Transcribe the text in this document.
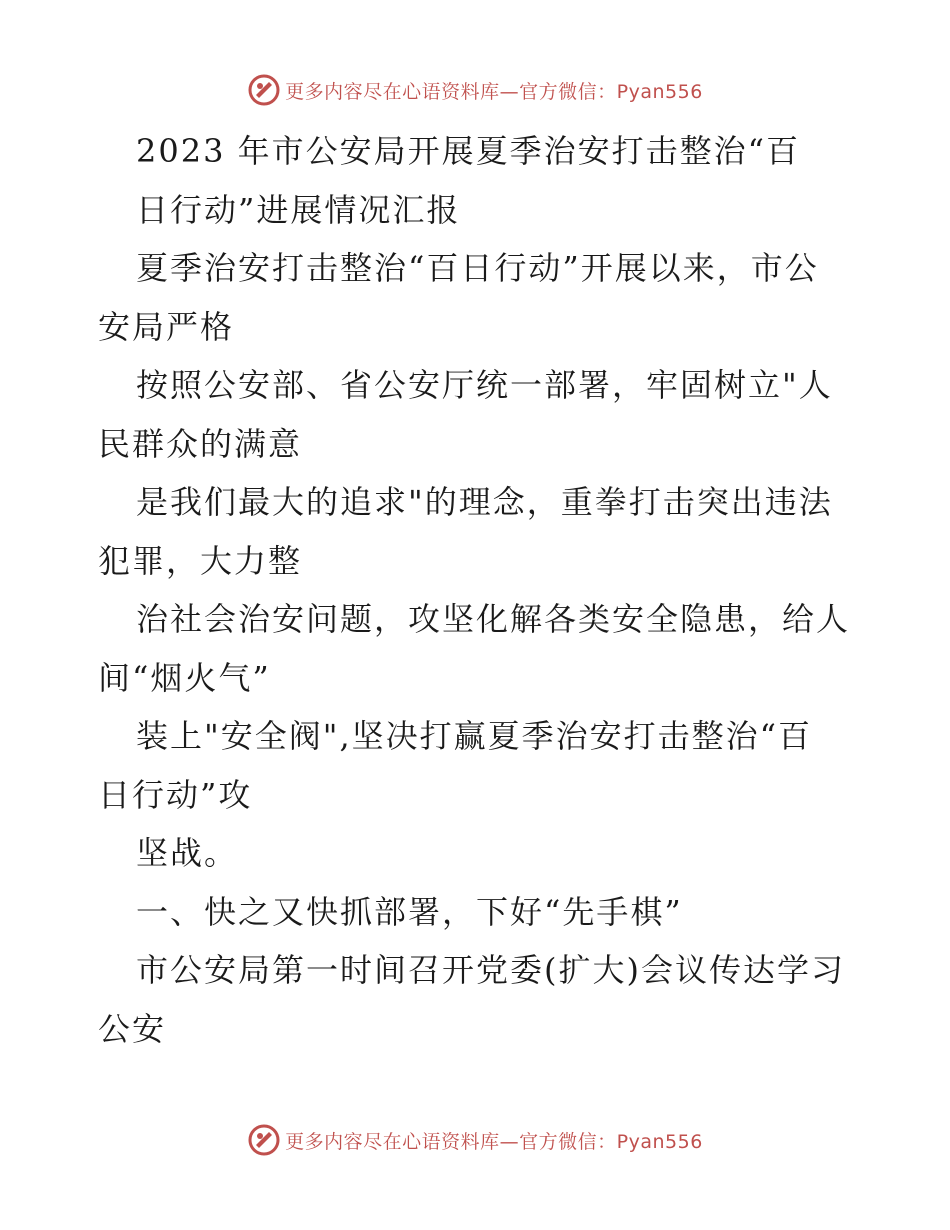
更多内容尽在心语资料库—官方微信：Pyan556
2023 年市公安局开展夏季治安打击整治“百
日行动”进展情况汇报
夏季治安打击整治“百日行动”开展以来，市公
安局严格
按照公安部、省公安厅统一部署，牢固树立"人
民群众的满意
是我们最大的追求"的理念，重拳打击突出违法
犯罪，大力整
治社会治安问题，攻坚化解各类安全隐患，给人
间“烟火气”
装上"安全阀",坚决打赢夏季治安打击整治“百
日行动”攻
坚战。
一、快之又快抓部署，下好“先手棋”
市公安局第一时间召开党委(扩大)会议传达学习
公安
更多内容尽在心语资料库—官方微信：Pyan556
